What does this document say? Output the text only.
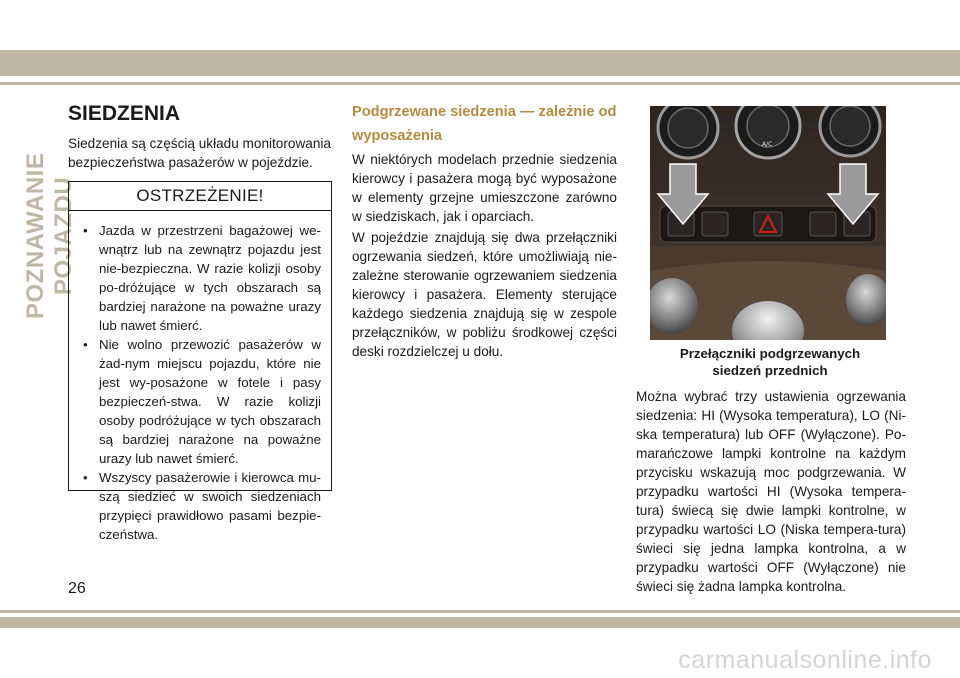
POZNAWANIE POJAZDU
SIEDZENIA

Siedzenia są częścią układu monitorowania bezpieczeństwa pasażerów w pojeździe.

OSTRZEŻENIE!
• Jazda w przestrzeni bagażowej we-wnątrz lub na zewnątrz pojazdu jest nie-bezpieczna. W razie kolizji osoby po-dróżujące w tych obszarach są bardziej narażone na poważne urazy lub nawet śmierć.
• Nie wolno przewozić pasażerów w żad-nym miejscu pojazdu, które nie jest wy-posażone w fotele i pasy bezpieczeń-stwa. W razie kolizji osoby podróżujące w tych obszarach są bardziej narażone na poważne urazy lub nawet śmierć.
• Wszyscy pasażerowie i kierowca mu-szą siedzieć w swoich siedzeniach przypięci prawidłowo pasami bezpie-czeństwa.
Podgrzewane siedzenia — zależnie od wyposażenia

W niektórych modelach przednie siedzenia kierowcy i pasażera mogą być wyposażone w elementy grzejne umieszczone zarówno w siedziskach, jak i oparciach.

W pojeździe znajdują się dwa przełączniki ogrzewania siedzeń, które umożliwiają nie-zależne sterowanie ogrzewaniem siedzenia kierowcy i pasażera. Elementy sterujące każdego siedzenia znajdują się w zespole przełączników, w pobliżu środkowej części deski rozdzielczej u dołu.

A/C
Przełączniki podgrzewanych
siedzeń przednich

Można wybrać trzy ustawienia ogrzewania siedzenia: HI (Wysoka temperatura), LO (Ni-ska temperatura) lub OFF (Wyłączone). Po-marańczowe lampki kontrolne na każdym przycisku wskazują moc podgrzewania. W przypadku wartości HI (Wysoka tempera-tura) świecą się dwie lampki kontrolne, w przypadku wartości LO (Niska tempera-tura) świeci się jedna lampka kontrolna, a w przypadku wartości OFF (Wyłączone) nie świeci się żadna lampka kontrolna.

26
carmanualsonline.info
